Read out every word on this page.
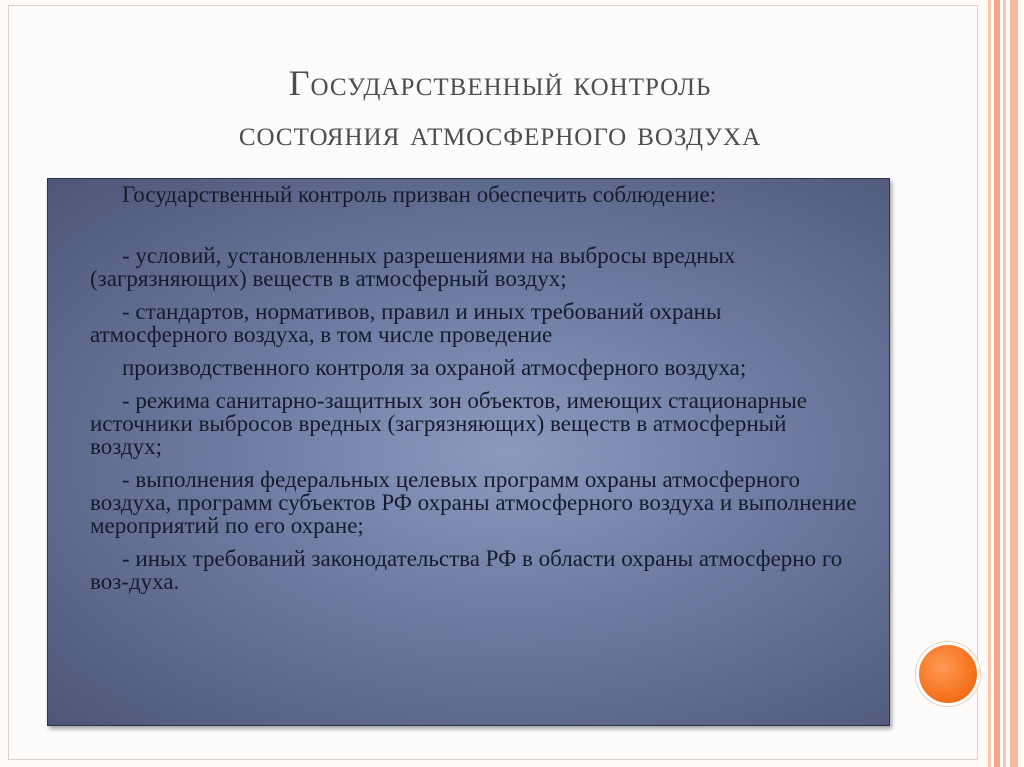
Государственный контроль
состояния атмосферного воздуха

Государственный контроль призван обеспечить соблюдение:

- условий, установленных разрешениями на выбросы вредных (загрязняющих) веществ в атмосферный воздух;

- стандартов, нормативов, правил и иных требований охраны атмосферного воздуха, в том числе проведение

производственного контроля за охраной атмосферного воздуха;

- режима санитарно-защитных зон объектов, имеющих стационарные источники выбросов вредных (загрязняющих) веществ в атмосферный воздух;

- выполнения федеральных целевых программ охраны атмосферного воздуха, программ субъектов РФ охраны атмосферного воздуха и выполнение мероприятий по его охране;

- иных требований законодательства РФ в области охраны атмосферно го воз-духа.
